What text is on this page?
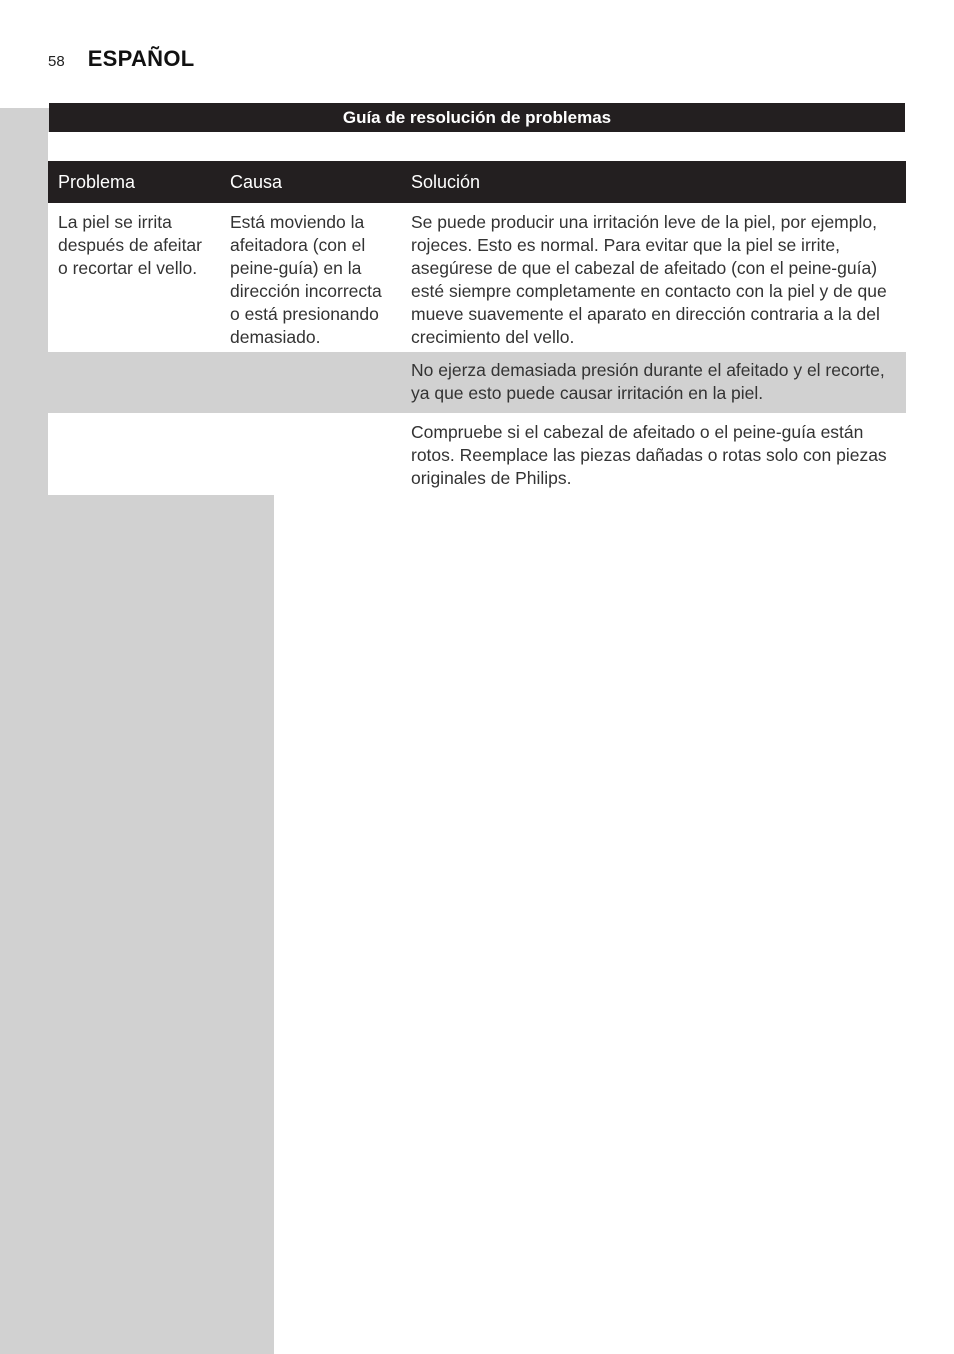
58 ESPAÑOL
Guía de resolución de problemas
Problema	Causa	Solución
La piel se irrita después de afeitar o recortar el vello.	Está moviendo la afeitadora (con el peine-guía) en la dirección incorrecta o está presionando demasiado.	Se puede producir una irritación leve de la piel, por ejemplo, rojeces. Esto es normal. Para evitar que la piel se irrite, asegúrese de que el cabezal de afeitado (con el peine-guía) esté siempre completamente en contacto con la piel y de que mueve suavemente el aparato en dirección contraria a la del crecimiento del vello.
		No ejerza demasiada presión durante el afeitado y el recorte, ya que esto puede causar irritación en la piel.
		Compruebe si el cabezal de afeitado o el peine-guía están rotos. Reemplace las piezas dañadas o rotas solo con piezas originales de Philips.
